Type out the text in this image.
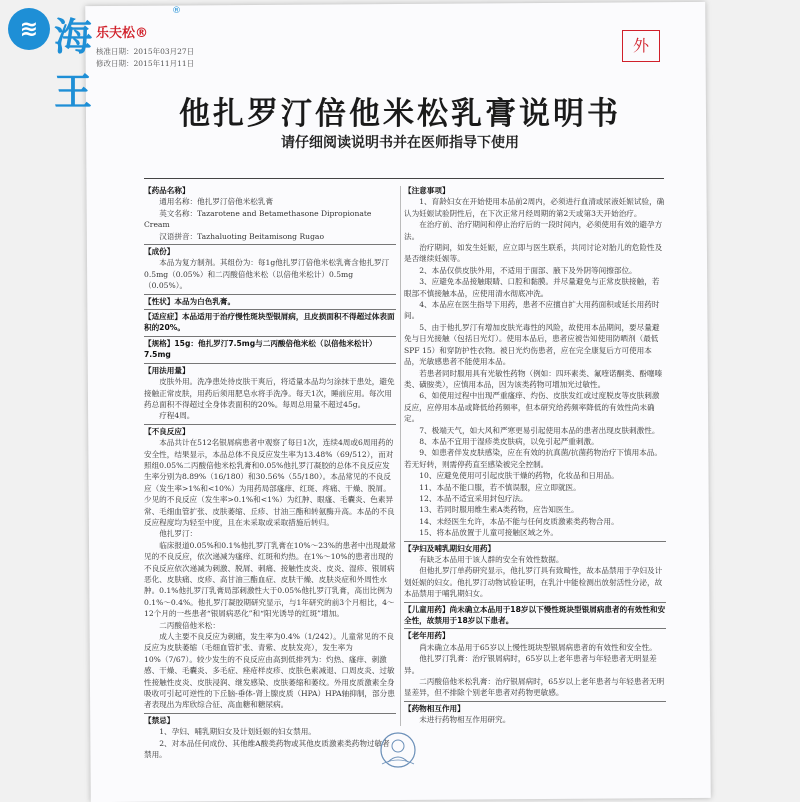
≋ 海王
®
乐夫松®
核准日期：2015年03月27日
修改日期：2015年11月11日
外
他扎罗汀倍他米松乳膏说明书
请仔细阅读说明书并在医师指导下使用
【药品名称】

通用名称：他扎罗汀倍他米松乳膏

英文名称：Tazarotene and Betamethasone Dipropionate Cream

汉语拼音：Tazhaluoting Beitamisong Rugao

【成份】

本品为复方制剂。其组份为：每1g他扎罗汀倍他米松乳膏含他扎罗汀0.5mg（0.05%）和二丙酸倍他米松（以倍他米松计）0.5mg（0.05%）。

【性状】本品为白色乳膏。
【适应症】本品适用于治疗慢性斑块型银屑病，且皮损面积不得超过体表面积的20%。
【规格】15g：他扎罗汀7.5mg与二丙酸倍他米松（以倍他米松计）7.5mg
【用法用量】

皮肤外用。洗净患处待皮肤干爽后，将适量本品均匀涂抹于患处，避免接触正常皮肤，用药后须用肥皂水将手洗净。每天1次，睡前应用。每次用药总面积不得超过全身体表面积的20%。每周总用量不超过45g。

疗程4周。

【不良反应】

本品共计在512名银屑病患者中观察了每日1次，连续4周或6周用药的安全性，结果显示，本品总体不良反应发生率为13.48%（69/512），而对照组0.05%二丙酸倍他米松乳膏和0.05%他扎罗汀凝胶的总体不良反应发生率分别为8.89%（16/180）和30.56%（55/180）。本品常见的不良反应（发生率>1%和<10%）为用药局部瘙痒、红斑、疼痛、干燥、脱屑。少见的不良反应（发生率>0.1%和<1%）为红肿、眼瘙、毛囊炎、色素异常、毛细血管扩张、皮肤萎缩、丘疹、甘油三酯和转氨酶升高。本品的不良反应程度均为轻至中度，且在未采取或采取措施后转归。

他扎罗汀：

临床报道0.05%和0.1%他扎罗汀乳膏在10%～23%的患者中出现最常见的不良反应，依次递减为瘙痒、红斑和灼热。在1%～10%的患者出现的不良反应依次递减为刺激、脱屑、刺痛、接触性皮炎、皮炎、湿疹、银屑病恶化、皮肤痛、皮疹、高甘油三酯血症、皮肤干燥、皮肤炎症和外周性水肿。0.1%他扎罗汀乳膏局部刺激性大于0.05%他扎罗汀乳膏，高出比例为0.1%～0.4%。他扎罗汀凝胶期研究显示，与1年研究的前3个月相比，4～12个月的一些患者“银屑病恶化”和“阳光诱导的红斑”增加。

二丙酸倍他米松：

成人主要不良反应为刺痛，发生率为0.4%（1/242）。儿童常见的不良反应为皮肤萎缩（毛细血管扩张、青紫、皮肤发亮），发生率为10%（7/67）。较少发生的不良反应由高到低排列为：灼热、瘙痒、刺激感、干燥、毛囊炎、多毛症、痤疮样皮疹、皮肤色素减退、口周皮炎、过敏性接触性皮炎、皮肤浸润、继发感染、皮肤萎缩和萎纹。外用皮质激素全身吸收可引起可逆性的下丘脑-垂体-肾上腺皮质（HPA）HPA轴抑制，部分患者表现出为库欣综合征、高血糖和糖尿病。

【禁忌】

1、孕妇、哺乳期妇女及计划妊娠的妇女禁用。

2、对本品任何成份、其他维A酸类药物或其他皮质激素类药物过敏者禁用。

【注意事项】

1、育龄妇女在开始使用本品前2周内，必须进行血清或尿液妊娠试验，确认为妊娠试验阴性后，在下次正常月经周期的第2天或第3天开始治疗。

在治疗前、治疗期间和停止治疗后的一段时间内，必须使用有效的避孕方法。

治疗期间，如发生妊娠，应立即与医生联系，共同讨论对胎儿的危险性及是否继续妊娠等。

2、本品仅供皮肤外用，不适用于面部、腋下及外阴等间擦部位。

3、应避免本品接触眼睛、口腔和黏膜。并尽量避免与正常皮肤接触，若眼部不慎接触本品，应使用清水彻底冲洗。

4、本品应在医生指导下用药，患者不应擅自扩大用药面积或延长用药时间。

5、由于他扎罗汀有增加皮肤光毒性的风险，故使用本品期间，要尽量避免与日光接触（包括日光灯）。使用本品后，患者应被告知使用防晒剂（最低SPF 15）和穿防护性衣物。被日光灼伤患者，应在完全康复后方可使用本品，光敏感患者不能使用本品。

若患者同时服用具有光敏性药物（例如：四环素类、氟喹诺酮类、酚噻嗪类、磺胺类），应慎用本品，因为该类药物可增加光过敏性。

6、如使用过程中出现严重瘙痒、灼伤、皮肤发红或过度脱皮等皮肤刺激反应，应停用本品或降低给药频率，但本研究给药频率降低的有效性尚未确定。

7、极端天气，如大风和严寒更易引起使用本品的患者出现皮肤刺激性。

8、本品不宜用于湿疹类皮肤病，以免引起严重刺激。

9、如患者伴发皮肤感染，应在有效的抗真菌/抗菌药物治疗下慎用本品。若无好转，则需停药直至感染被完全控制。

10、应避免使用可引起皮肤干燥的药物，化妆品和日用品。

11、本品不能口服，若不慎误服，应立即就医。

12、本品不适宜采用封包疗法。

13、若同时服用维生素A类药物，应告知医生。

14、未经医生允许，本品不能与任何皮质激素类药物合用。

15、将本品放置于儿童可接触区域之外。

【孕妇及哺乳期妇女用药】

有缺乏本品用于该人群的安全有效性数据。

但他扎罗汀单药研究显示，他扎罗汀具有致畸性，故本品禁用于孕妇及计划妊娠的妇女。他扎罗汀动物试验证明，在乳汁中能检测出放射活性分泌，故本品禁用于哺乳期妇女。

【儿童用药】尚未确立本品用于18岁以下慢性斑块型银屑病患者的有效性和安全性，故禁用于18岁以下患者。
【老年用药】

尚未确立本品用于65岁以上慢性斑块型银屑病患者的有效性和安全性。

他扎罗汀乳膏：治疗银屑病时，65岁以上老年患者与年轻患者无明显差异。

二丙酸倍他米松乳膏：治疗银屑病时，65岁以上老年患者与年轻患者无明显差异，但不排除个别老年患者对药物更敏感。

【药物相互作用】

未进行药物相互作用研究。
